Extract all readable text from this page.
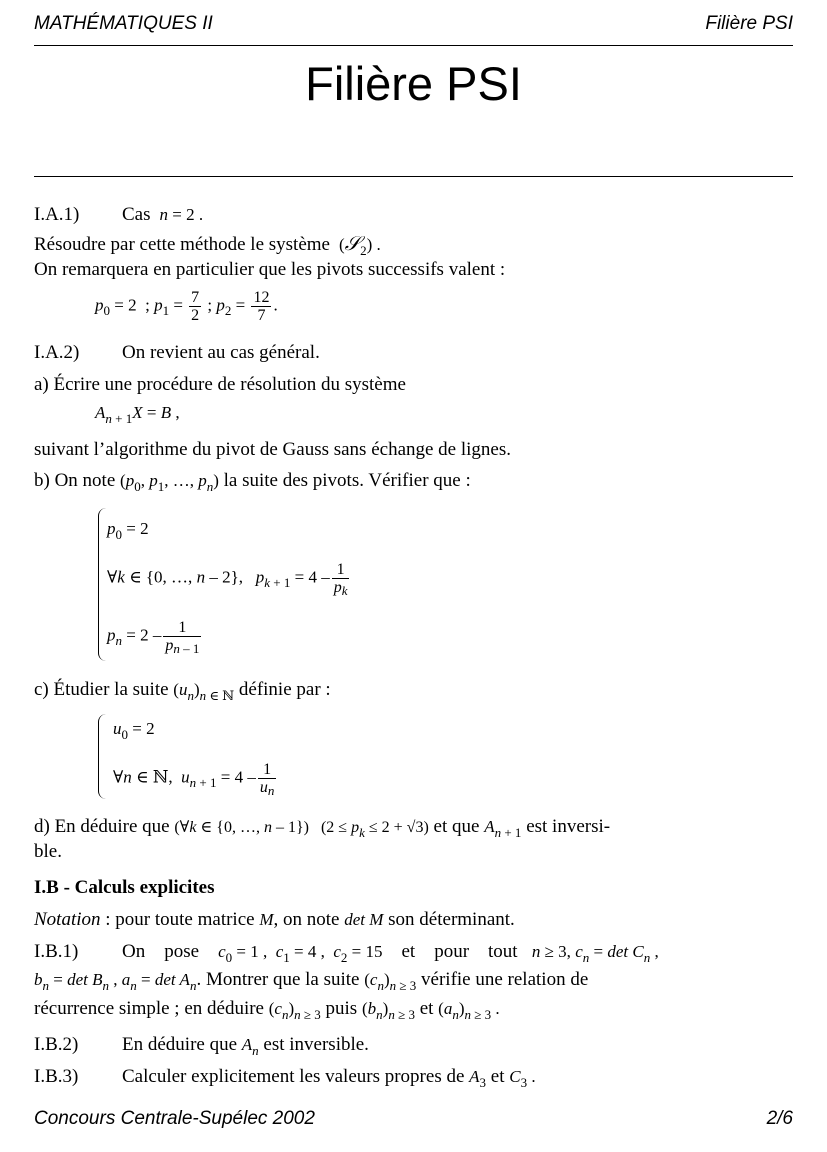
MATHÉMATIQUES II	Filière PSI
Filière PSI
I.A.1) Cas n = 2 .
Résoudre par cette méthode le système  (𝒮$_2$) .
On remarquera en particulier que les pivots successifs valent :
$p_0 = 2$  ; $p_1 = \frac{7}{2}$ ; $p_2 = \frac{12}{7}$ .
I.A.2) On revient au cas général.
a) Écrire une procédure de résolution du système
$A_n$ $_{+ 1}$X = B ,
suivant l’algorithme du pivot de Gauss sans échange de lignes.
b) On note ($p_0$, $p_1$, …, $p_n$) la suite des pivots. Vérifier que :
$p_0 = 2$
∀k ∈ {0, …, n – 2},   $p_k$ $_{+ 1} = 4 - \frac{1}{pk}$
$p_n = 2 - \frac{1}{pn - 1}$
c) Étudier la suite $(u_n)_n$ $_{\in ℕ}$ définie par :
$u_0 = 2$
∀n ∈ ℕ,  $u_n$ $_{+ 1} = 4 - \frac{1}{un}$
d) En déduire que (∀k ∈ {0, …, n – 1})   $(2 \le p_k \le 2 + √3)$ et que $A_n$ $_{+ 1}$ est inversi-
ble.
I.B - Calculs explicites
Notation : pour toute matrice M, on note det M son déterminant.
I.B.1) On pose $c_0 = 1$ ,  $c_1 = 4$ ,  $c_2 = 15$ et pour tout n ≥ 3, $c_n = \det C_n$ ,
$b_n = \det B_n$ , $a_n = \det A_n$. Montrer que la suite $(c_n)_n$ $_{\ge 3}$ vérifie une relation de
récurrence simple ; en déduire $(c_n)_n$ $_{\ge 3}$ puis $(b_n)_n$ $_{\ge 3}$ et $(a_n)_n$ $_{\ge 3}$ .
I.B.2) En déduire que $A_n$ est inversible.
I.B.3) Calculer explicitement les valeurs propres de $A_3$ et $C_3$ .
Concours Centrale-Supélec 2002	2/6
